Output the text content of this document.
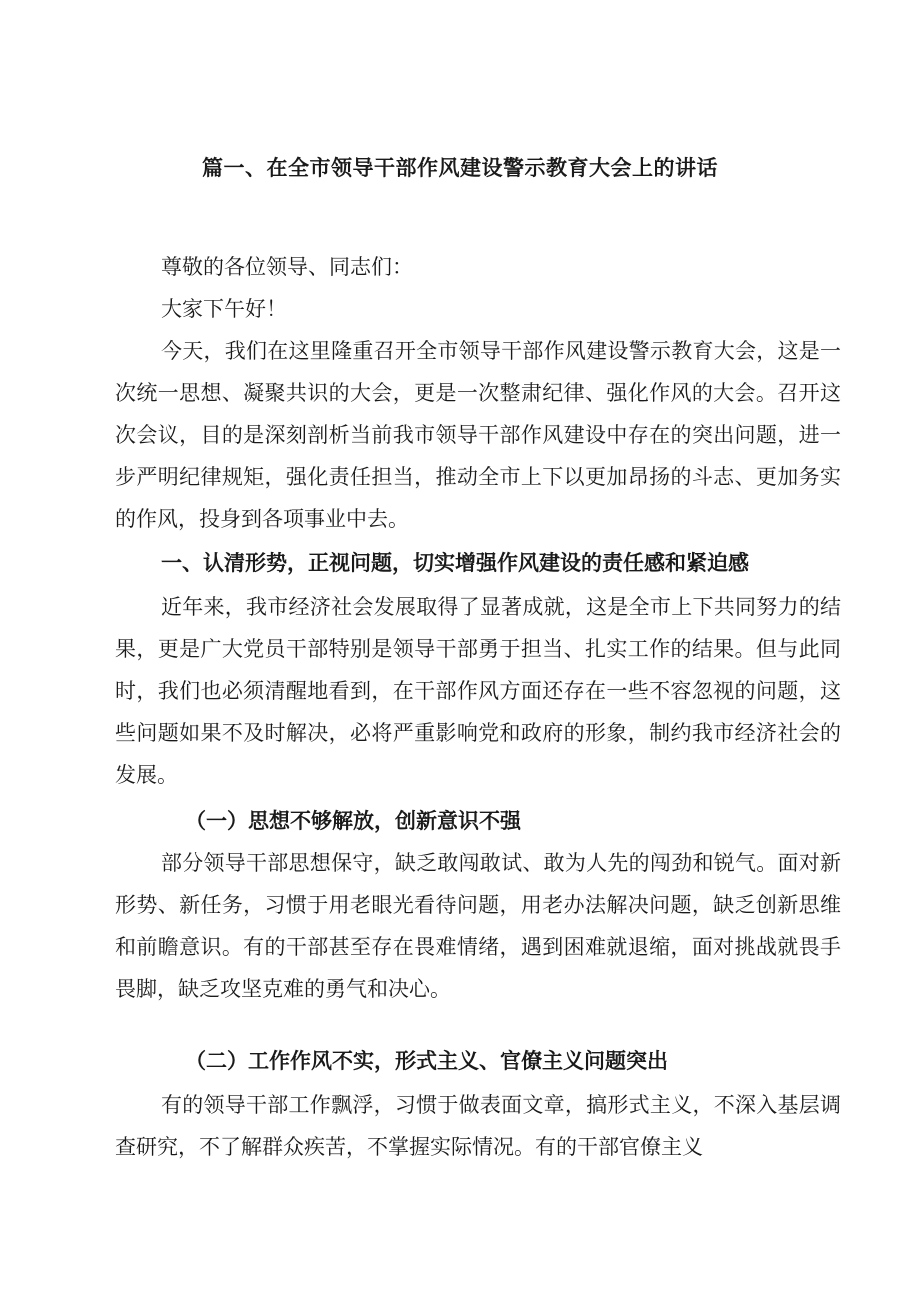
篇一、在全市领导干部作风建设警示教育大会上的讲话

尊敬的各位领导、同志们：

大家下午好！

今天，我们在这里隆重召开全市领导干部作风建设警示教育大会，这是一次统一思想、凝聚共识的大会，更是一次整肃纪律、强化作风的大会。召开这次会议，目的是深刻剖析当前我市领导干部作风建设中存在的突出问题，进一步严明纪律规矩，强化责任担当，推动全市上下以更加昂扬的斗志、更加务实的作风，投身到各项事业中去。

一、认清形势，正视问题，切实增强作风建设的责任感和紧迫感

近年来，我市经济社会发展取得了显著成就，这是全市上下共同努力的结果，更是广大党员干部特别是领导干部勇于担当、扎实工作的结果。但与此同时，我们也必须清醒地看到，在干部作风方面还存在一些不容忽视的问题，这些问题如果不及时解决，必将严重影响党和政府的形象，制约我市经济社会的发展。

（一）思想不够解放，创新意识不强

部分领导干部思想保守，缺乏敢闯敢试、敢为人先的闯劲和锐气。面对新形势、新任务，习惯于用老眼光看待问题，用老办法解决问题，缺乏创新思维和前瞻意识。有的干部甚至存在畏难情绪，遇到困难就退缩，面对挑战就畏手畏脚，缺乏攻坚克难的勇气和决心。

（二）工作作风不实，形式主义、官僚主义问题突出

有的领导干部工作飘浮，习惯于做表面文章，搞形式主义，不深入基层调查研究，不了解群众疾苦，不掌握实际情况。有的干部官僚主义
